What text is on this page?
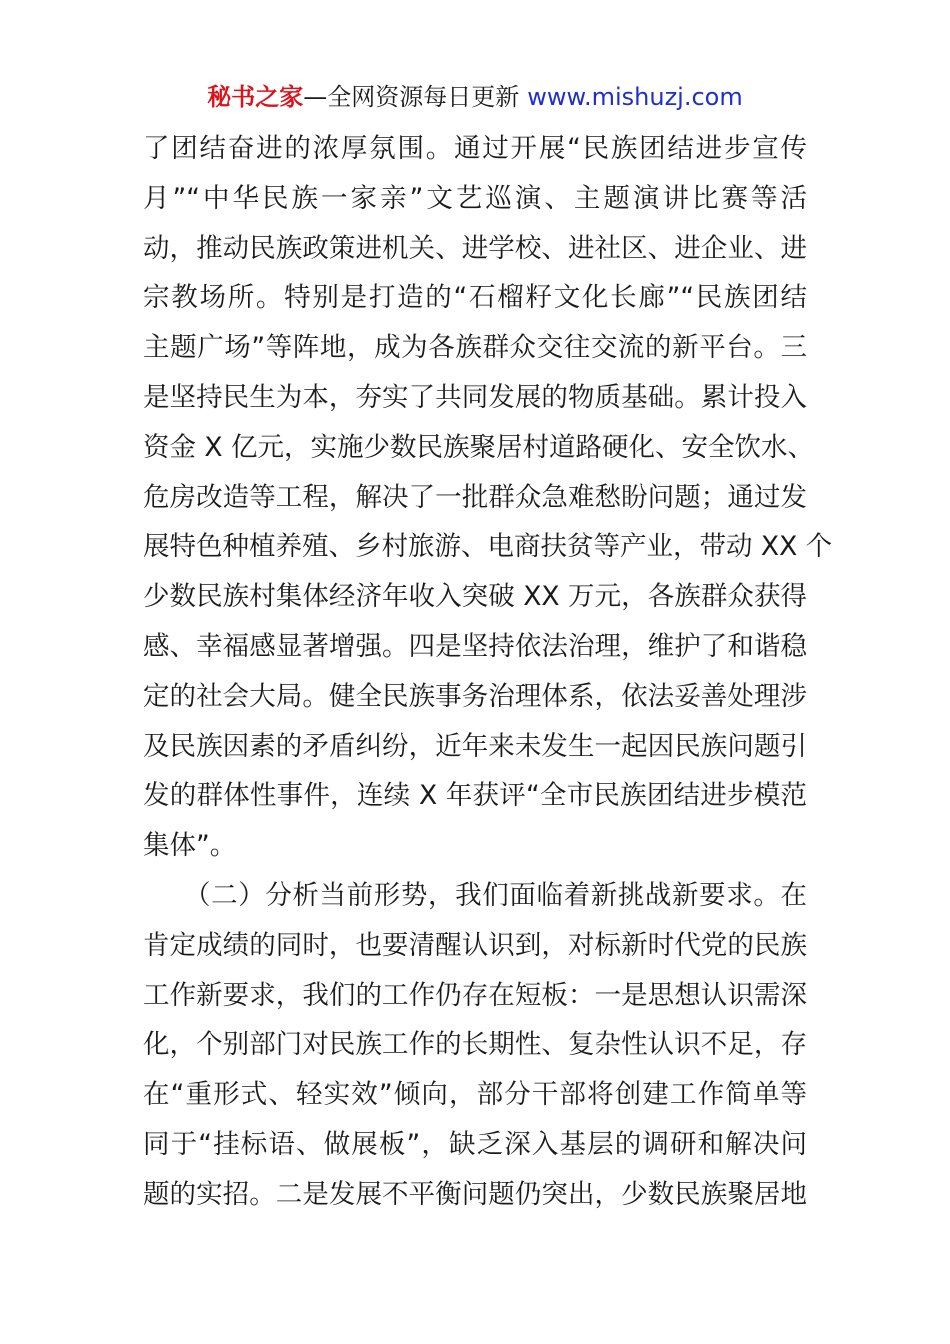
秘书之家—全网资源每日更新 www.mishuzj.com
了团结奋进的浓厚氛围。通过开展“民族团结进步宣传
月”“中华民族一家亲”文艺巡演、主题演讲比赛等活
动，推动民族政策进机关、进学校、进社区、进企业、进
宗教场所。特别是打造的“石榴籽文化长廊”“民族团结
主题广场”等阵地，成为各族群众交往交流的新平台。三
是坚持民生为本，夯实了共同发展的物质基础。累计投入
资金 X 亿元，实施少数民族聚居村道路硬化、安全饮水、
危房改造等工程，解决了一批群众急难愁盼问题；通过发
展特色种植养殖、乡村旅游、电商扶贫等产业，带动 XX 个
少数民族村集体经济年收入突破 XX 万元，各族群众获得
感、幸福感显著增强。四是坚持依法治理，维护了和谐稳
定的社会大局。健全民族事务治理体系，依法妥善处理涉
及民族因素的矛盾纠纷，近年来未发生一起因民族问题引
发的群体性事件，连续 X 年获评“全市民族团结进步模范
集体”。
　　（二）分析当前形势，我们面临着新挑战新要求。在
肯定成绩的同时，也要清醒认识到，对标新时代党的民族
工作新要求，我们的工作仍存在短板：一是思想认识需深
化，个别部门对民族工作的长期性、复杂性认识不足，存
在“重形式、轻实效”倾向，部分干部将创建工作简单等
同于“挂标语、做展板”，缺乏深入基层的调研和解决问
题的实招。二是发展不平衡问题仍突出，少数民族聚居地
